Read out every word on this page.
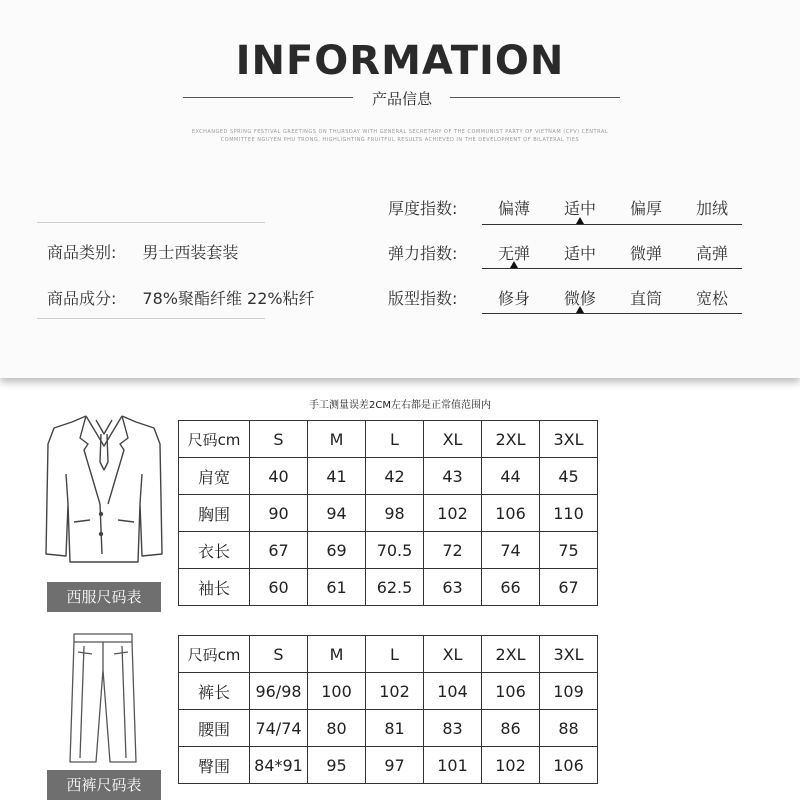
INFORMATION
产品信息
EXCHANGED SPRING FESTIVAL GREETINGS ON THURSDAY WITH GENERAL SECRETARY OF THE COMMUNIST PARTY OF VIETNAM (CPV) CENTRAL COMMITTEE NGUYEN PHU TRONG, HIGHLIGHTING FRUITFUL RESULTS ACHIEVED IN THE DEVELOPMENT OF BILATERAL TIES
商品类别: 男士西装套装
商品成分: 78%聚酯纤维 22%粘纤
厚度指数:	偏薄	适中	偏厚	加绒
弹力指数:	无弹	适中	微弹	高弹
版型指数:	修身	微修	直筒	宽松
手工测量误差2CM左右都是正常值范围内
西服尺码表
西裤尺码表
尺码cm	S	M	L	XL	2XL	3XL
肩宽	40	41	42	43	44	45
胸围	90	94	98	102	106	110
衣长	67	69	70.5	72	74	75
袖长	60	61	62.5	63	66	67
尺码cm	S	M	L	XL	2XL	3XL
裤长	96/98	100	102	104	106	109
腰围	74/74	80	81	83	86	88
臀围	84*91	95	97	101	102	106
